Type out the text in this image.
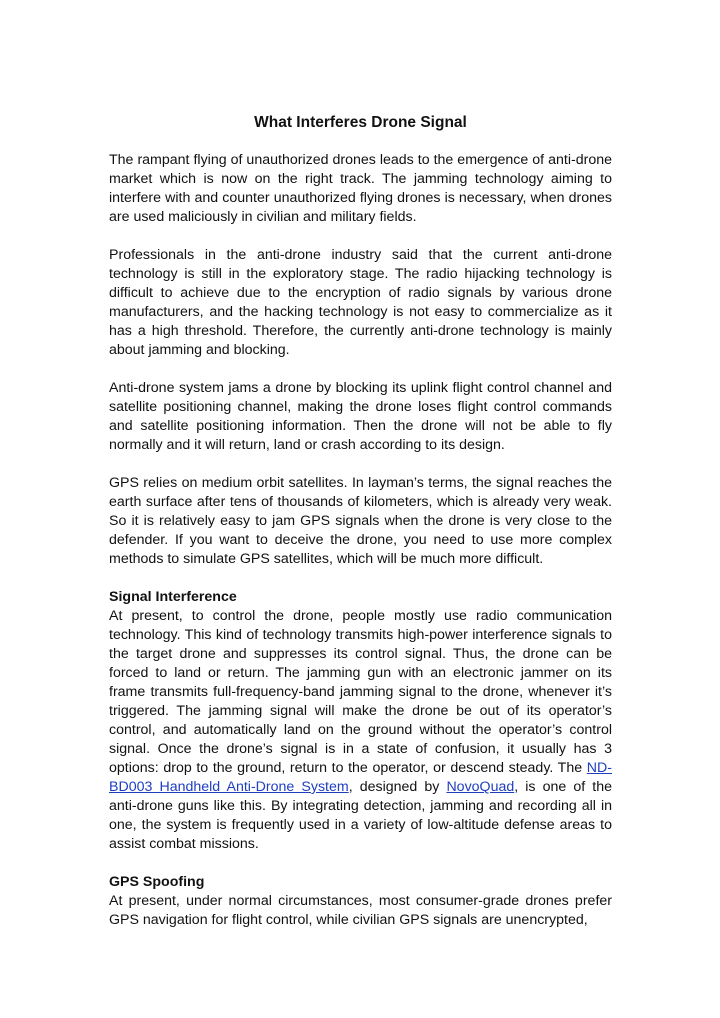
What Interferes Drone Signal

The rampant flying of unauthorized drones leads to the emergence of anti-drone market which is now on the right track. The jamming technology aiming to interfere with and counter unauthorized flying drones is necessary, when drones are used maliciously in civilian and military fields.

Professionals in the anti-drone industry said that the current anti-drone technology is still in the exploratory stage. The radio hijacking technology is difficult to achieve due to the encryption of radio signals by various drone manufacturers, and the hacking technology is not easy to commercialize as it has a high threshold. Therefore, the currently anti-drone technology is mainly about jamming and blocking.

Anti-drone system jams a drone by blocking its uplink flight control channel and satellite positioning channel, making the drone loses flight control commands and satellite positioning information. Then the drone will not be able to fly normally and it will return, land or crash according to its design.

GPS relies on medium orbit satellites. In layman’s terms, the signal reaches the earth surface after tens of thousands of kilometers, which is already very weak. So it is relatively easy to jam GPS signals when the drone is very close to the defender. If you want to deceive the drone, you need to use more complex methods to simulate GPS satellites, which will be much more difficult.

Signal Interference
At present, to control the drone, people mostly use radio communication technology. This kind of technology transmits high-power interference signals to the target drone and suppresses its control signal. Thus, the drone can be forced to land or return. The jamming gun with an electronic jammer on its frame transmits full-frequency-band jamming signal to the drone, whenever it’s triggered. The jamming signal will make the drone be out of its operator’s control, and automatically land on the ground without the operator’s control signal. Once the drone’s signal is in a state of confusion, it usually has 3 options: drop to the ground, return to the operator, or descend steady. The ND-BD003 Handheld Anti-Drone System, designed by NovoQuad, is one of the anti-drone guns like this. By integrating detection, jamming and recording all in one, the system is frequently used in a variety of low-altitude defense areas to assist combat missions.

GPS Spoofing
At present, under normal circumstances, most consumer-grade drones prefer GPS navigation for flight control, while civilian GPS signals are unencrypted,
